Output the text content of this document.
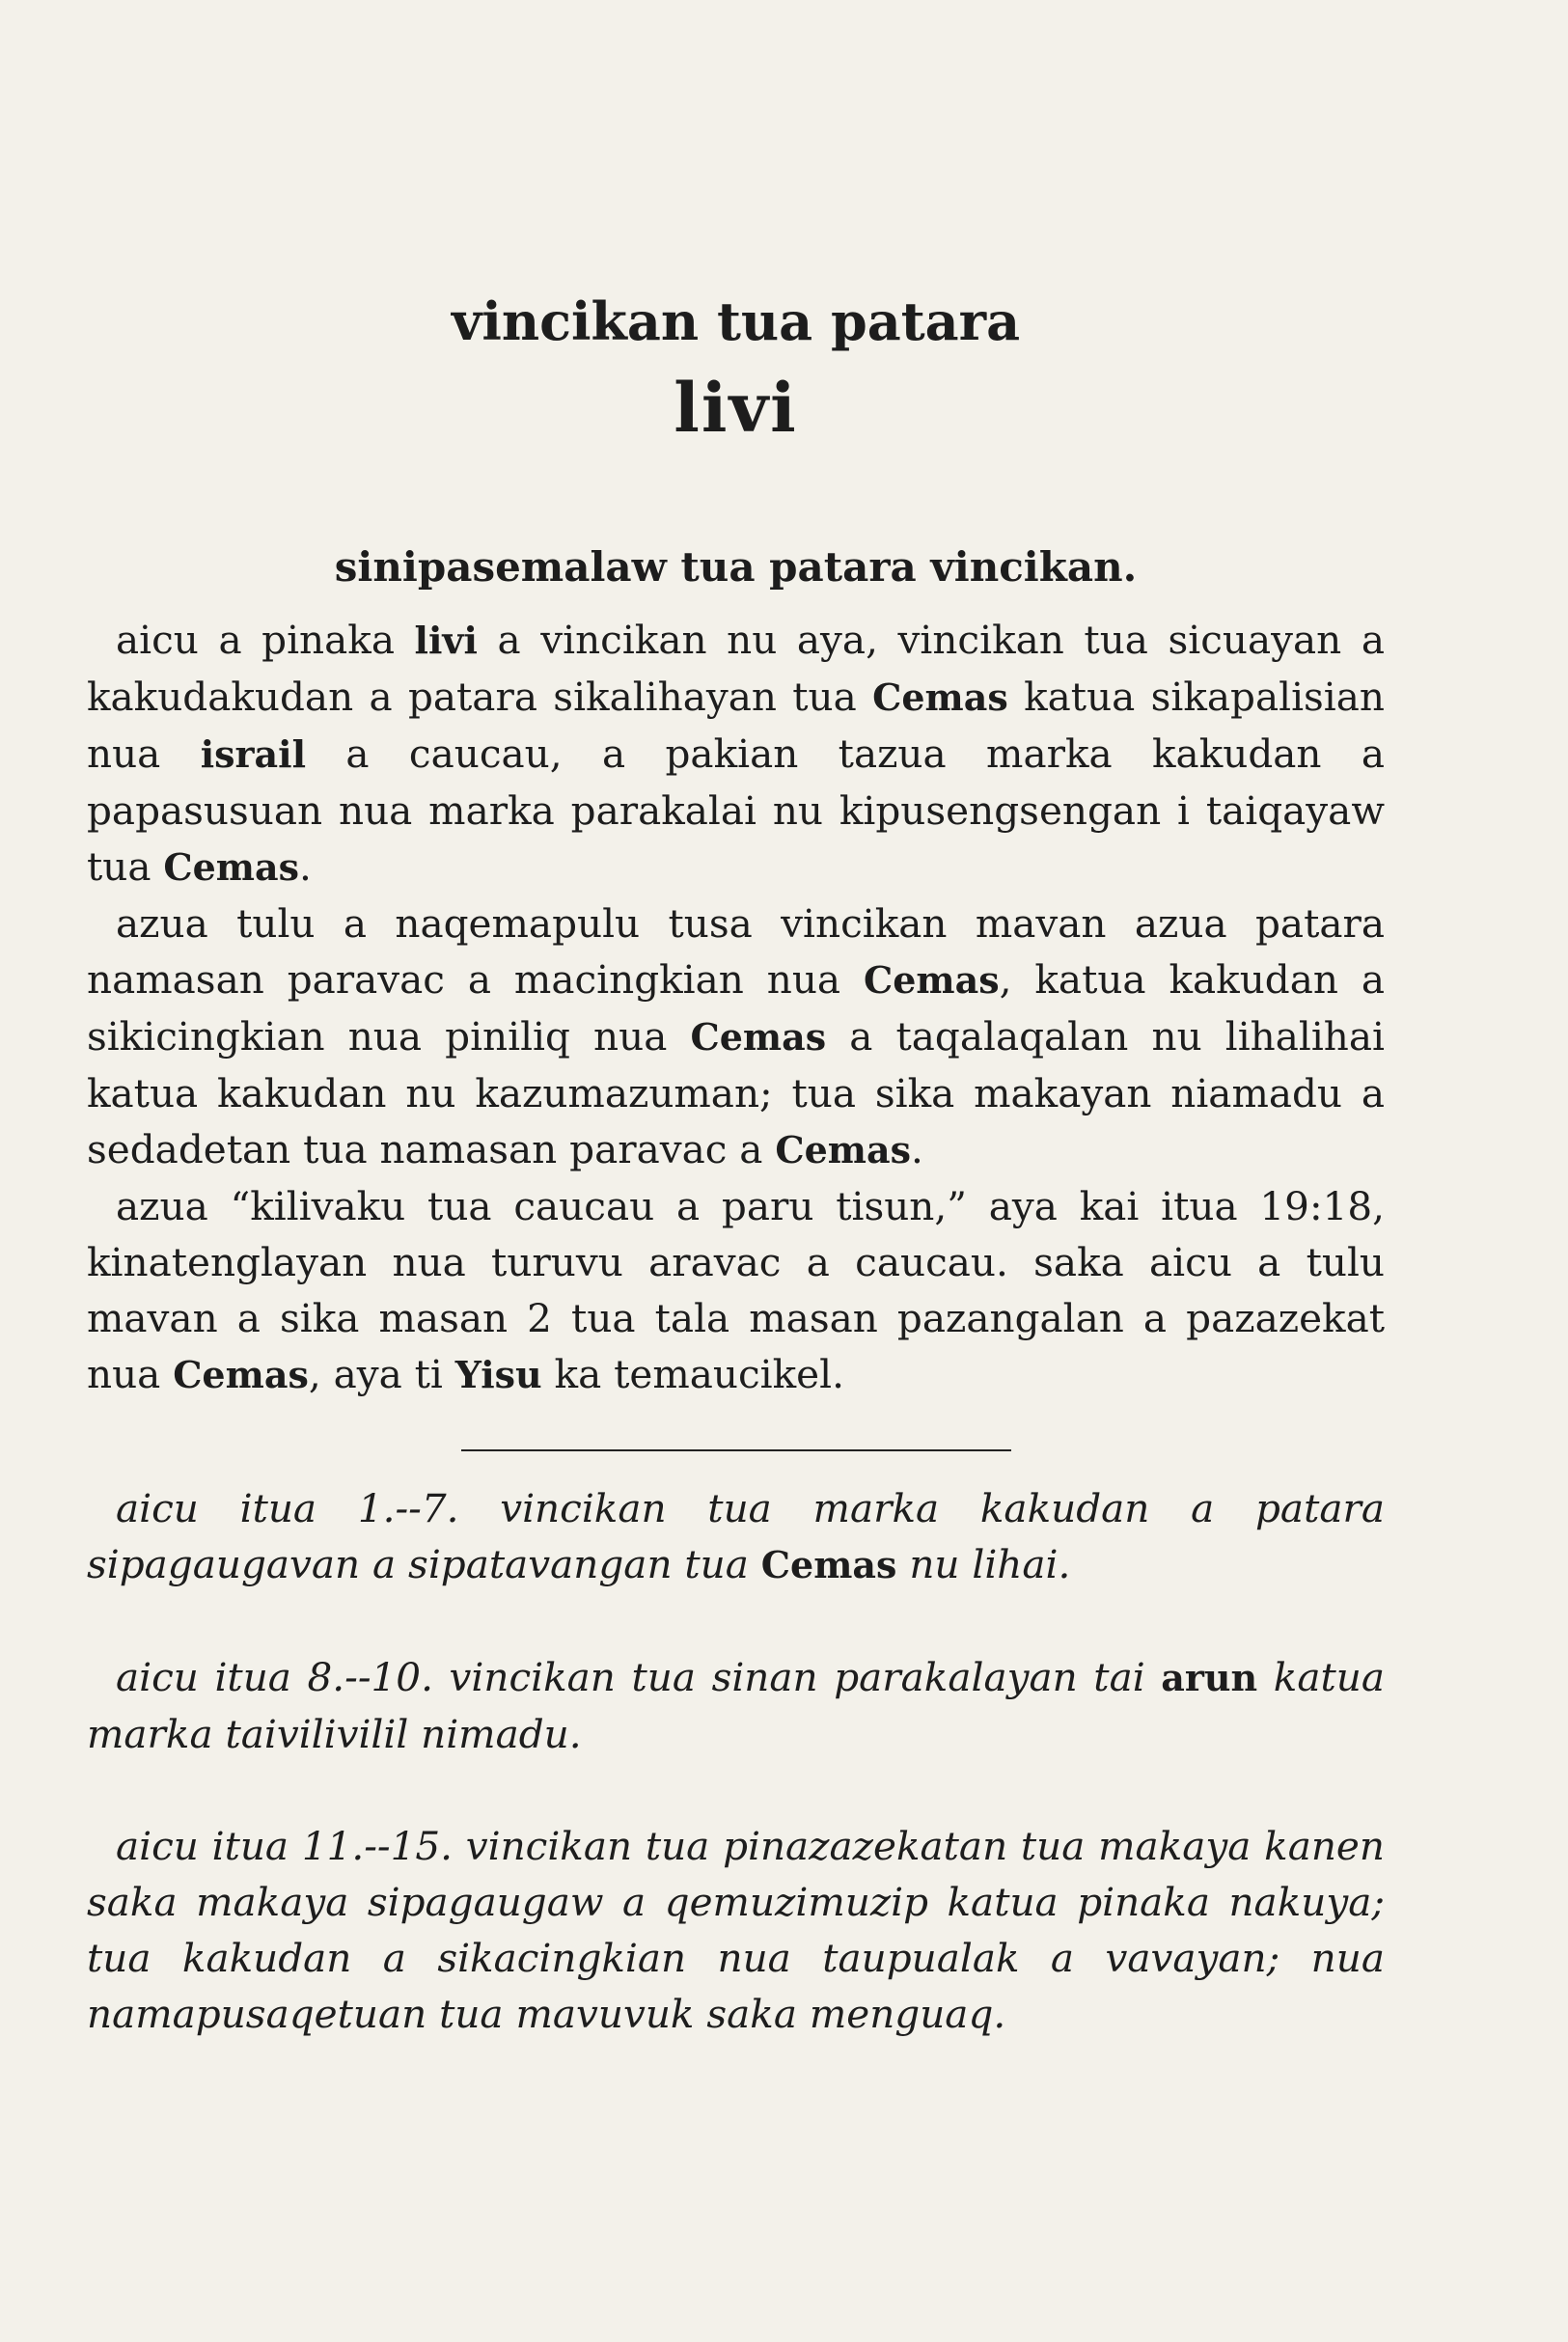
vincikan tua patara
livi
sinipasemalaw tua patara vincikan.

aicu a pinaka livi a vincikan nu aya, vincikan tua sicuayan a kakudakudan a patara sikalihayan tua Cemas katua sikapalisian nua israil a caucau, a pakian tazua marka kakudan a papasusuan nua marka parakalai nu kipusengsengan i taiqayaw tua Cemas.

azua tulu a naqemapulu tusa vincikan mavan azua patara namasan paravac a macingkian nua Cemas, katua kakudan a sikicingkian nua piniliq nua Cemas a taqalaqalan nu lihalihai katua kakudan nu kazumazuman; tua sika makayan niamadu a sedadetan tua namasan paravac a Cemas.

azua “kilivaku tua caucau a paru tisun,” aya kai itua 19:18, kinatenglayan nua turuvu aravac a caucau. saka aicu a tulu mavan a sika masan 2 tua tala masan pazangalan a pazazekat nua Cemas, aya ti Yisu ka temaucikel.

aicu itua 1.--7. vincikan tua marka kakudan a patara sipagaugavan a sipatavangan tua Cemas nu lihai.

aicu itua 8.--10. vincikan tua sinan parakalayan tai arun katua marka taivilivilil nimadu.

aicu itua 11.--15. vincikan tua pinazazekatan tua makaya kanen saka makaya sipagaugaw a qemuzimuzip katua pinaka nakuya; tua kakudan a sikacingkian nua taupualak a vavayan; nua namapusaqetuan tua mavuvuk saka menguaq.
